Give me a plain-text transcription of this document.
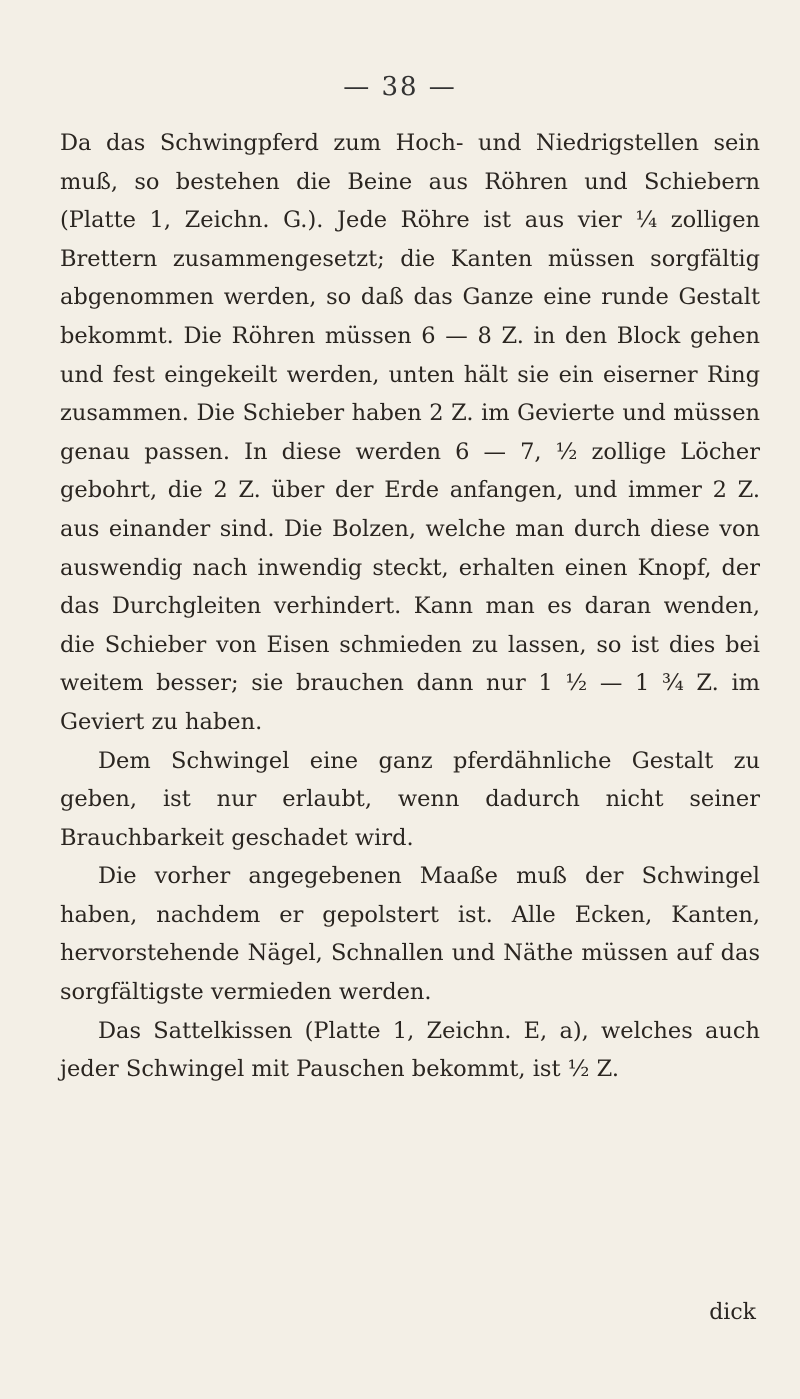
— 38 —

Da das Schwingpferd zum Hoch- und Niedrigstellen sein muß, so bestehen die Beine aus Röhren und Schiebern (Platte 1, Zeichn. G.). Jede Röhre ist aus vier ¼ zolligen Brettern zusammengesetzt; die Kanten müssen sorgfältig abgenommen werden, so daß das Ganze eine runde Gestalt bekommt. Die Röhren müssen 6 — 8 Z. in den Block gehen und fest eingekeilt werden, unten hält sie ein eiserner Ring zusammen. Die Schieber haben 2 Z. im Geviertе und müssen genau passen. In diese werden 6 — 7, ½ zollige Löcher gebohrt, die 2 Z. über der Erde anfangen, und immer 2 Z. aus einander sind. Die Bolzen, welche man durch diese von auswendig nach inwendig steckt, erhalten einen Knopf, der das Durchgleiten verhindert. Kann man es daran wenden, die Schieber von Eisen schmieden zu lassen, so ist dies bei weitem besser; sie brauchen dann nur 1 ½ — 1 ¾ Z. im Geviert zu haben.

Dem Schwingel eine ganz pferdähnliche Gestalt zu geben, ist nur erlaubt, wenn dadurch nicht seiner Brauchbarkeit geschadet wird.

Die vorher angegebenen Maaße muß der Schwingel haben, nachdem er gepolstert ist. Alle Ecken, Kanten, hervorstehende Nägel, Schnallen und Näthe müssen auf das sorgfältigste vermieden werden.

Das Sattelkissen (Platte 1, Zeichn. E, a), welches auch jeder Schwingel mit Pauschen bekommt, ist ½ Z.

dick
